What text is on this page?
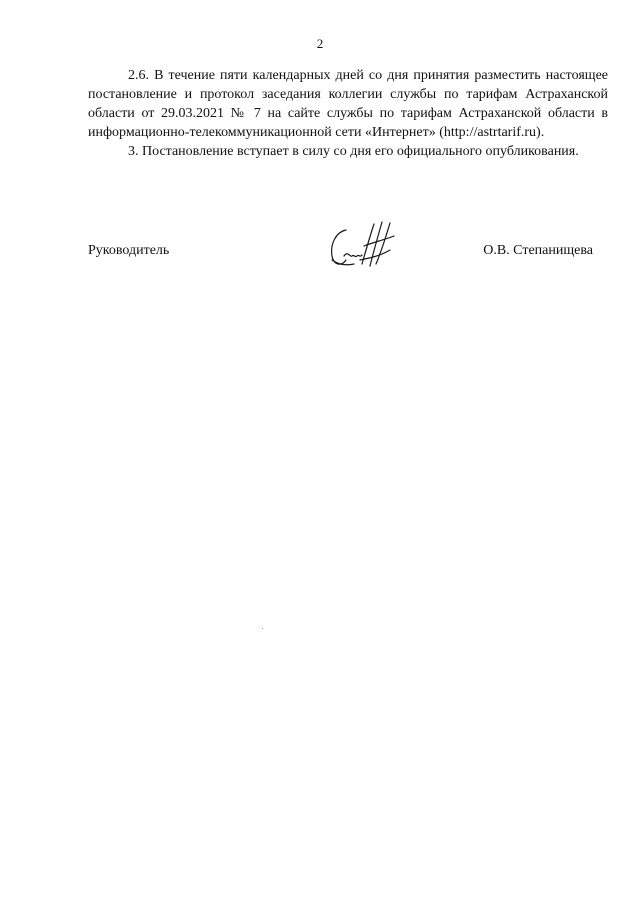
2

2.6. В течение пяти календарных дней со дня принятия разместить настоящее постановление и протокол заседания коллегии службы по тарифам Астраханской области от 29.03.2021 № 7 на сайте службы по тарифам Астраханской области в информационно-телекоммуникационной сети «Интернет» (http://astrtarif.ru).

3. Постановление вступает в силу со дня его официального опубликования.

Руководитель	О.В. Степанищева
